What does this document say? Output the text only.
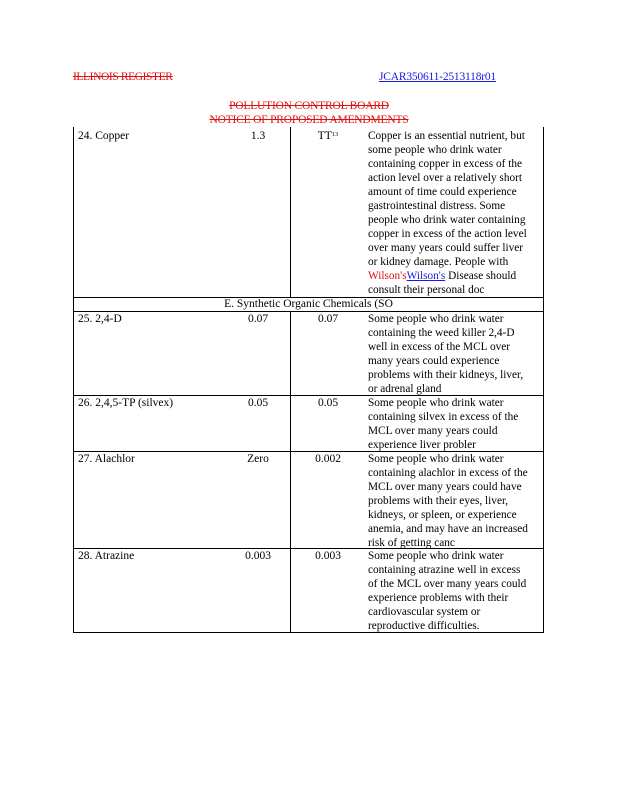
ILLINOIS REGISTER	JCAR350611-2513118r01
POLLUTION CONTROL BOARD
NOTICE OF PROPOSED AMENDMENTS
24. Copper	1.3	TT$^{13}$	Copper is an essential nutrient, but
some people who drink water
containing copper in excess of the
action level over a relatively short
amount of time could experience
gastrointestinal distress. Some
people who drink water containing
copper in excess of the action level
over many years could suffer liver
or kidney damage. People with
Wilson'sWilson's Disease should
consult their personal doc
E. Synthetic Organic Chemicals (SO
25. 2,4-D	0.07	0.07	Some people who drink water
containing the weed killer 2,4-D
well in excess of the MCL over
many years could experience
problems with their kidneys, liver,
or adrenal gland
26. 2,4,5-TP (silvex)	0.05	0.05	Some people who drink water
containing silvex in excess of the
MCL over many years could
experience liver probler
27. Alachlor	Zero	0.002 Some people who drink water
containing alachlor in excess of the
MCL over many years could have
problems with their eyes, liver,
kidneys, or spleen, or experience
anemia, and may have an increased
risk of getting canc
28. Atrazine	0.003	0.003 Some people who drink water
containing atrazine well in excess
of the MCL over many years could
experience problems with their
cardiovascular system or
reproductive difficulties.
